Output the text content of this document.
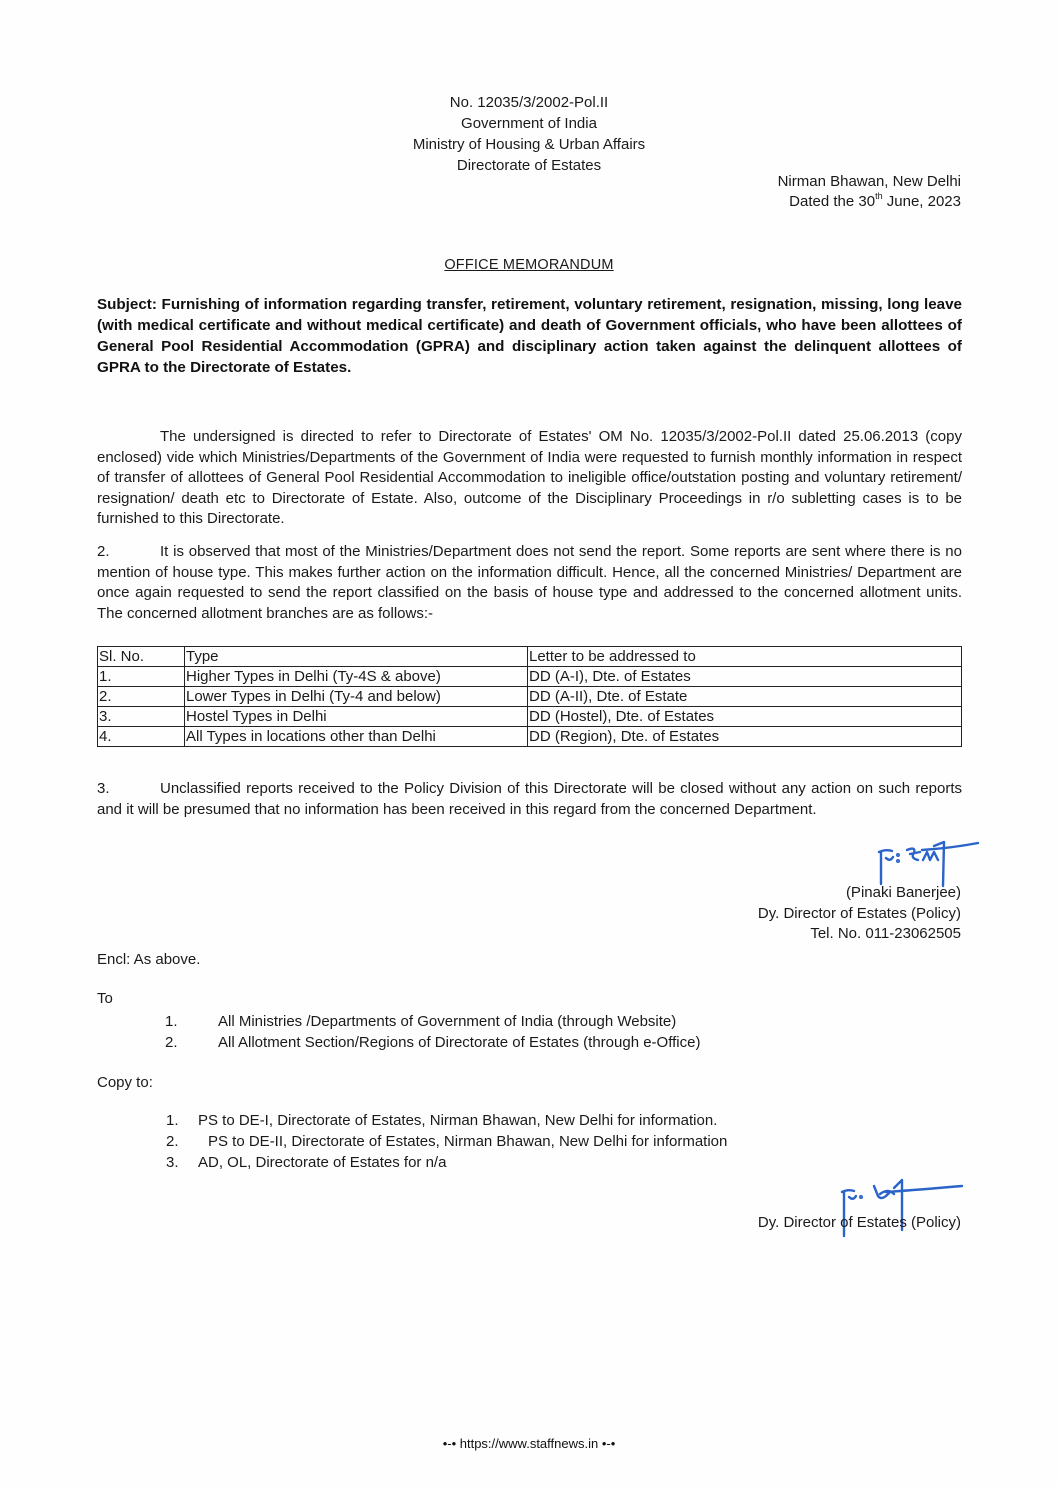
No. 12035/3/2002-Pol.II
Government of India
Ministry of Housing & Urban Affairs
Directorate of Estates
Nirman Bhawan, New Delhi
Dated the 30th June, 2023
OFFICE MEMORANDUM
Subject: Furnishing of information regarding transfer, retirement, voluntary retirement, resignation, missing, long leave (with medical certificate and without medical certificate) and death of Government officials, who have been allottees of General Pool Residential Accommodation (GPRA) and disciplinary action taken against the delinquent allottees of GPRA to the Directorate of Estates.
The undersigned is directed to refer to Directorate of Estates' OM No. 12035/3/2002-Pol.II dated 25.06.2013 (copy enclosed) vide which Ministries/Departments of the Government of India were requested to furnish monthly information in respect of transfer of allottees of General Pool Residential Accommodation to ineligible office/outstation posting and voluntary retirement/ resignation/ death etc to Directorate of Estate. Also, outcome of the Disciplinary Proceedings in r/o subletting cases is to be furnished to this Directorate.
2.	It is observed that most of the Ministries/Department does not send the report. Some reports are sent where there is no mention of house type. This makes further action on the information difficult. Hence, all the concerned Ministries/ Department are once again requested to send the report classified on the basis of house type and addressed to the concerned allotment units. The concerned allotment branches are as follows:-
Sl. No.	Type	Letter to be addressed to
1.	Higher Types in Delhi (Ty-4S & above)	DD (A-I), Dte. of Estates
2.	Lower Types in Delhi (Ty-4 and below)	DD (A-II), Dte. of Estate
3.	Hostel Types in Delhi	DD (Hostel), Dte. of Estates
4.	All Types in locations other than Delhi	DD (Region), Dte. of Estates
3.	Unclassified reports received to the Policy Division of this Directorate will be closed without any action on such reports and it will be presumed that no information has been received in this regard from the concerned Department.
(Pinaki Banerjee)
Dy. Director of Estates (Policy)
Tel. No. 011-23062505
Encl: As above.
To
1.	All Ministries /Departments of Government of India (through Website)
2.	All Allotment Section/Regions of Directorate of Estates (through e-Office)
Copy to:
1. PS to DE-I, Directorate of Estates, Nirman Bhawan, New Delhi for information.
2. PS to DE-II, Directorate of Estates, Nirman Bhawan, New Delhi for information
3. AD, OL, Directorate of Estates for n/a
Dy. Director of Estates (Policy)
•-• https://www.staffnews.in •-•
